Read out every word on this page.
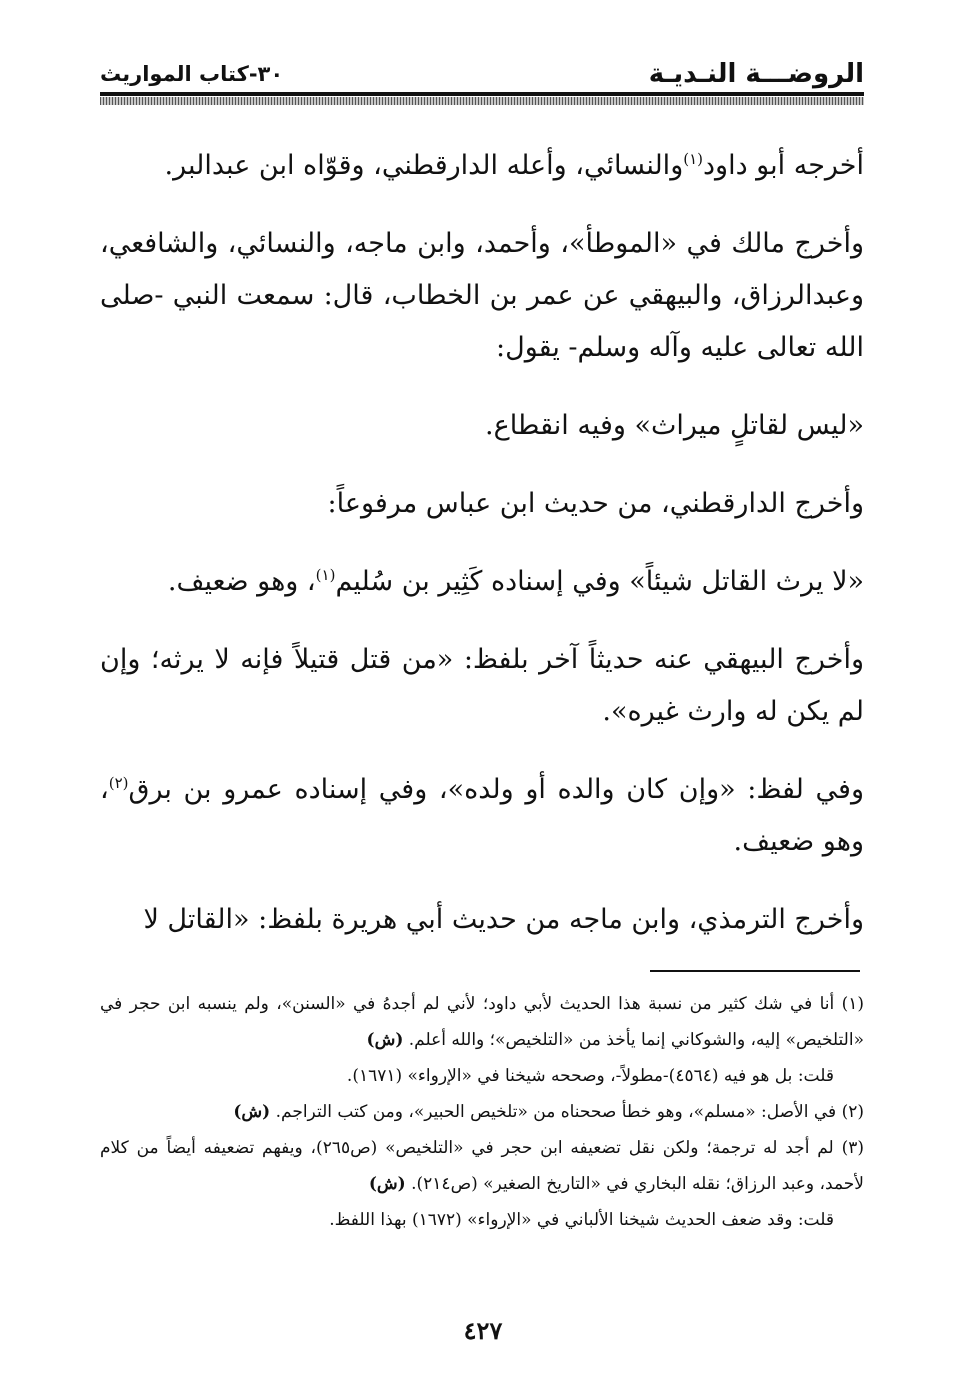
الروضـــة النـديـة
٣٠-كتاب المواريث

أخرجه أبو داود$^{(١)}$والنسائي، وأعله الدارقطني، وقوّاه ابن عبدالبر.

وأخرج مالك في «الموطأ»، وأحمد، وابن ماجه، والنسائي، والشافعي، وعبدالرزاق، والبيهقي عن عمر بن الخطاب، قال: سمعت النبي -صلى الله تعالى عليه وآله وسلم- يقول:

«ليس لقاتلٍ ميراث» وفيه انقطاع.

وأخرج الدارقطني، من حديث ابن عباس مرفوعاً:

«لا يرث القاتل شيئاً» وفي إسناده كَثِير بن سُليم$^{(١)}$، وهو ضعيف.

وأخرج البيهقي عنه حديثاً آخر بلفظ: «من قتل قتيلاً فإنه لا يرثه؛ وإن لم يكن له وارث غيره».

وفي لفظ: «وإن كان والده أو ولده»، وفي إسناده عمرو بن برق$^{(٢)}$، وهو ضعيف.

وأخرج الترمذي، وابن ماجه من حديث أبي هريرة بلفظ: «القاتل لا

(١) أنا في شك كثير من نسبة هذا الحديث لأبي داود؛ لأني لم أجدهُ في «السنن»، ولم ينسبه ابن حجر في «التلخيص» إليه، والشوكاني إنما يأخذ من «التلخيص»؛ والله أعلم. (ش)

قلت: بل هو فيه (٤٥٦٤)-مطولاً-، وصححه شيخنا في «الإرواء» (١٦٧١).

(٢) في الأصل: «مسلم»، وهو خطأ صححناه من «تلخيص الحبير»، ومن كتب التراجم. (ش)

(٣) لم أجد له ترجمة؛ ولكن نقل تضعيفه ابن حجر في «التلخيص» (ص٢٦٥)، ويفهم تضعيفه أيضاً من كلام لأحمد، وعبد الرزاق؛ نقله البخاري في «التاريخ الصغير» (ص٢١٤). (ش)

قلت: وقد ضعف الحديث شيخنا الألباني في «الإرواء» (١٦٧٢) بهذا اللفظ.

٤٢٧
